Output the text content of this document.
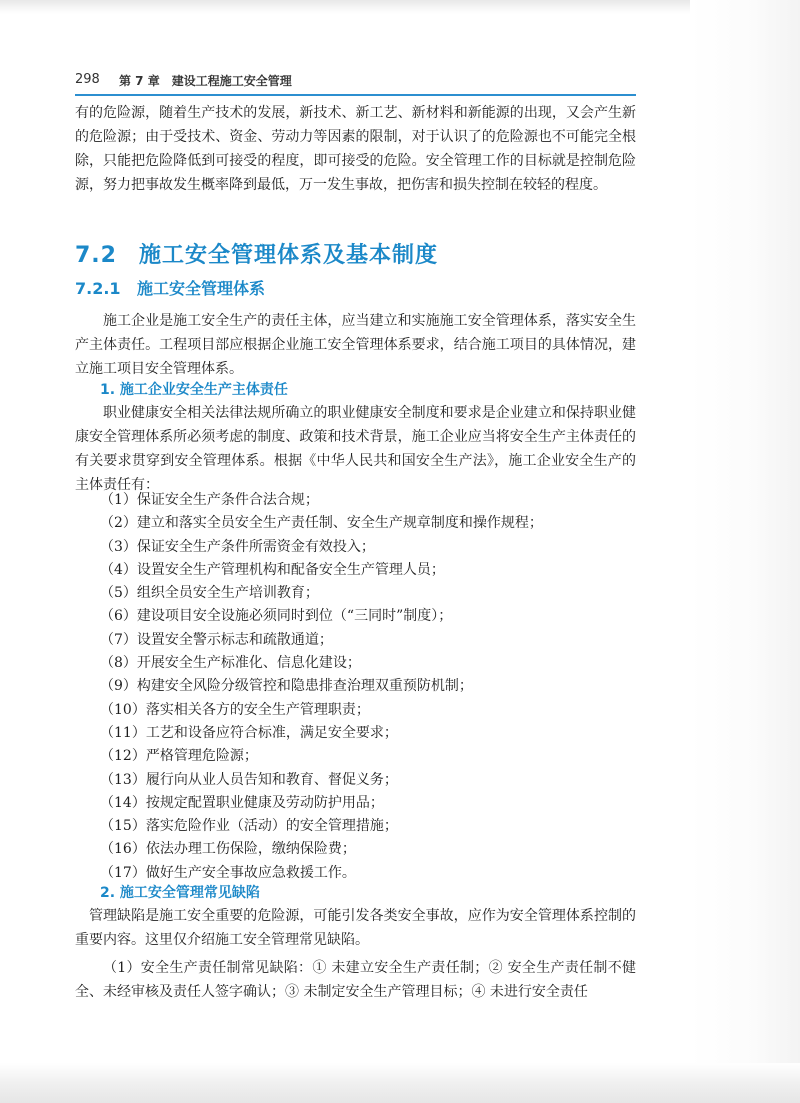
298 第 7 章　建设工程施工安全管理

有的危险源，随着生产技术的发展，新技术、新工艺、新材料和新能源的出现，又会产生新的危险源；由于受技术、资金、劳动力等因素的限制，对于认识了的危险源也不可能完全根除，只能把危险降低到可接受的程度，即可接受的危险。安全管理工作的目标就是控制危险源，努力把事故发生概率降到最低，万一发生事故，把伤害和损失控制在较轻的程度。

7.2 施工安全管理体系及基本制度
7.2.1 施工安全管理体系

施工企业是施工安全生产的责任主体，应当建立和实施施工安全管理体系，落实安全生产主体责任。工程项目部应根据企业施工安全管理体系要求，结合施工项目的具体情况，建立施工项目安全管理体系。

1. 施工企业安全生产主体责任

职业健康安全相关法律法规所确立的职业健康安全制度和要求是企业建立和保持职业健康安全管理体系所必须考虑的制度、政策和技术背景，施工企业应当将安全生产主体责任的有关要求贯穿到安全管理体系。根据《中华人民共和国安全生产法》，施工企业安全生产的主体责任有：

（1）保证安全生产条件合法合规；
（2）建立和落实全员安全生产责任制、安全生产规章制度和操作规程；
（3）保证安全生产条件所需资金有效投入；
（4）设置安全生产管理机构和配备安全生产管理人员；
（5）组织全员安全生产培训教育；
（6）建设项目安全设施必须同时到位（“三同时”制度）；
（7）设置安全警示标志和疏散通道；
（8）开展安全生产标准化、信息化建设；
（9）构建安全风险分级管控和隐患排查治理双重预防机制；
（10）落实相关各方的安全生产管理职责；
（11）工艺和设备应符合标准，满足安全要求；
（12）严格管理危险源；
（13）履行向从业人员告知和教育、督促义务；
（14）按规定配置职业健康及劳动防护用品；
（15）落实危险作业（活动）的安全管理措施；
（16）依法办理工伤保险，缴纳保险费；
（17）做好生产安全事故应急救援工作。
2. 施工安全管理常见缺陷

管理缺陷是施工安全重要的危险源，可能引发各类安全事故，应作为安全管理体系控制的重要内容。这里仅介绍施工安全管理常见缺陷。

（1）安全生产责任制常见缺陷：① 未建立安全生产责任制；② 安全生产责任制不健全、未经审核及责任人签字确认；③ 未制定安全生产管理目标；④ 未进行安全责任
